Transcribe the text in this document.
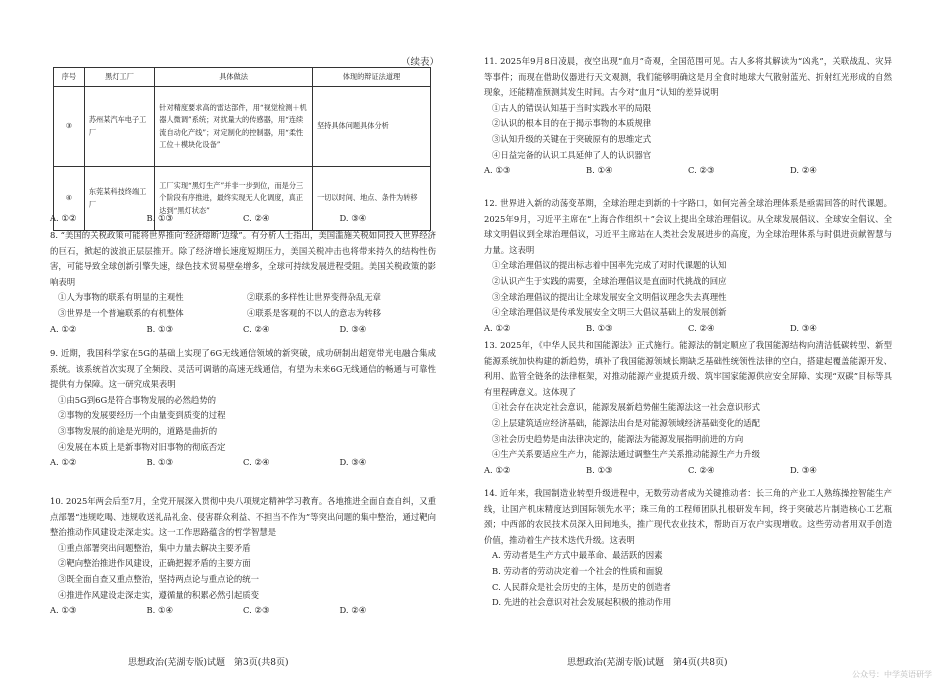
（续表）
序号	黑灯工厂	具体做法	体现的辩证法道理
③	苏州某汽车电子工厂	针对精度要求高的雷达部件，用“视觉检测＋机器人微调”系统；对扰量大的传感器，用“连续流自动化产线”；对定制化的控制器，用“柔性工位＋模块化设备”	坚持具体问题具体分析
④	东莞某科技终端工厂	工厂实现“黑灯生产”并非一步到位，而是分三个阶段有序推进，最终实现无人化调度，真正达到“黑灯状态”	一切以时间、地点、条件为转移
A. ①②	B. ①③	C. ②④	D. ③④

8. “美国的关税政策可能将世界推向‘经济熔断’边缘”。有分析人士指出，美国滥施关税如同投入世界经济的巨石，掀起的波浪正层层推开。除了经济增长速度短期压力，美国关税冲击也将带来持久的结构性伤害，可能导致全球创新引擎失速，绿色技术贸易壁垒增多，全球可持续发展进程受阻。美国关税政策的影响表明

①人为事物的联系有明显的主观性	②联系的多样性让世界变得杂乱无章
③世界是一个普遍联系的有机整体	④联系是客观的不以人的意志为转移
A. ①②	B. ①③	C. ②④	D. ③④

9. 近期，我国科学家在5G的基础上实现了6G无线通信领域的新突破，成功研制出超宽带光电融合集成系统。该系统首次实现了全频段、灵活可调谐的高速无线通信，有望为未来6G无线通信的畅通与可靠性提供有力保障。这一研究成果表明

①由5G到6G是符合事物发展的必然趋势的

②事物的发展要经历一个由量变到质变的过程

③事物发展的前途是光明的，道路是曲折的

④发展在本质上是新事物对旧事物的彻底否定

A. ①②	B. ①③	C. ②④	D. ③④

10. 2025年两会后至7月，全党开展深入贯彻中央八项规定精神学习教育。各地推进全面自查自纠，又重点部署“违规吃喝、违规收送礼品礼金、侵害群众利益、不担当不作为”等突出问题的集中整治，通过靶向整治推动作风建设走深走实。这一工作思路蕴含的哲学智慧是

①重点部署突出问题整治，集中力量去解决主要矛盾

②靶向整治推进作风建设，正确把握矛盾的主要方面

③既全面自查又重点整治，坚持两点论与重点论的统一

④推进作风建设走深走实，遵循量的积累必然引起质变

A. ①③	B. ①④	C. ②③	D. ②④
思想政治(芜湖专版)试题　第3页(共8页)

11. 2025年9月8日凌晨，夜空出现“血月”奇观，全国范围可见。古人多将其解读为“凶兆”，关联战乱、灾异等事件；而现在借助仪器进行天文观测，我们能够明确这是月全食时地球大气散射蓝光、折射红光形成的自然现象，还能精准预测其发生时间。古今对“血月”认知的差异说明

①古人的错误认知基于当时实践水平的局限

②认识的根本目的在于揭示事物的本质规律

③认知升级的关键在于突破原有的思维定式

④日益完备的认识工具延伸了人的认识器官

A. ①③	B. ①④	C. ②③	D. ②④

12. 世界进入新的动荡变革期，全球治理走到新的十字路口，如何完善全球治理体系是亟需回答的时代课题。2025年9月，习近平主席在“上海合作组织＋”会议上提出全球治理倡议。从全球发展倡议、全球安全倡议、全球文明倡议到全球治理倡议，习近平主席站在人类社会发展进步的高度，为全球治理体系与时俱进贡献智慧与力量。这表明

①全球治理倡议的提出标志着中国率先完成了对时代课题的认知

②认识产生于实践的需要，全球治理倡议是直面时代挑战的回应

③全球治理倡议的提出让全球发展安全文明倡议理念失去真理性

④全球治理倡议是传承发展安全文明三大倡议基础上的发展创新

A. ①②	B. ①③	C. ②④	D. ③④

13. 2025年，《中华人民共和国能源法》正式施行。能源法的制定顺应了我国能源结构向清洁低碳转型、新型能源系统加快构建的新趋势，填补了我国能源领域长期缺乏基础性统领性法律的空白，搭建起覆盖能源开发、利用、监管全链条的法律框架，对推动能源产业提质升级、筑牢国家能源供应安全屏障、实现“双碳”目标等具有里程碑意义。这体现了

①社会存在决定社会意识，能源发展新趋势催生能源法这一社会意识形式

②上层建筑适应经济基础，能源法出台是对能源领域经济基础变化的适配

③社会历史趋势是由法律决定的，能源法为能源发展指明前进的方向

④生产关系要适应生产力，能源法通过调整生产关系推动能源生产力升级

A. ①②	B. ①③	C. ②④	D. ③④

14. 近年来，我国制造业转型升级进程中，无数劳动者成为关键推动者：长三角的产业工人熟练操控智能生产线，让国产机床精度达到国际领先水平；珠三角的工程师团队扎根研发车间，终于突破芯片制造核心工艺瓶颈；中西部的农民技术员深入田间地头，推广现代农业技术，帮助百万农户实现增收。这些劳动者用双手创造价值，推动着生产技术迭代升级。这表明

A. 劳动者是生产方式中最革命、最活跃的因素

B. 劳动者的劳动决定着一个社会的性质和面貌

C. 人民群众是社会历史的主体，是历史的创造者

D. 先进的社会意识对社会发展起积极的推动作用

思想政治(芜湖专版)试题　第4页(共8页)
公众号：中学英语研学
